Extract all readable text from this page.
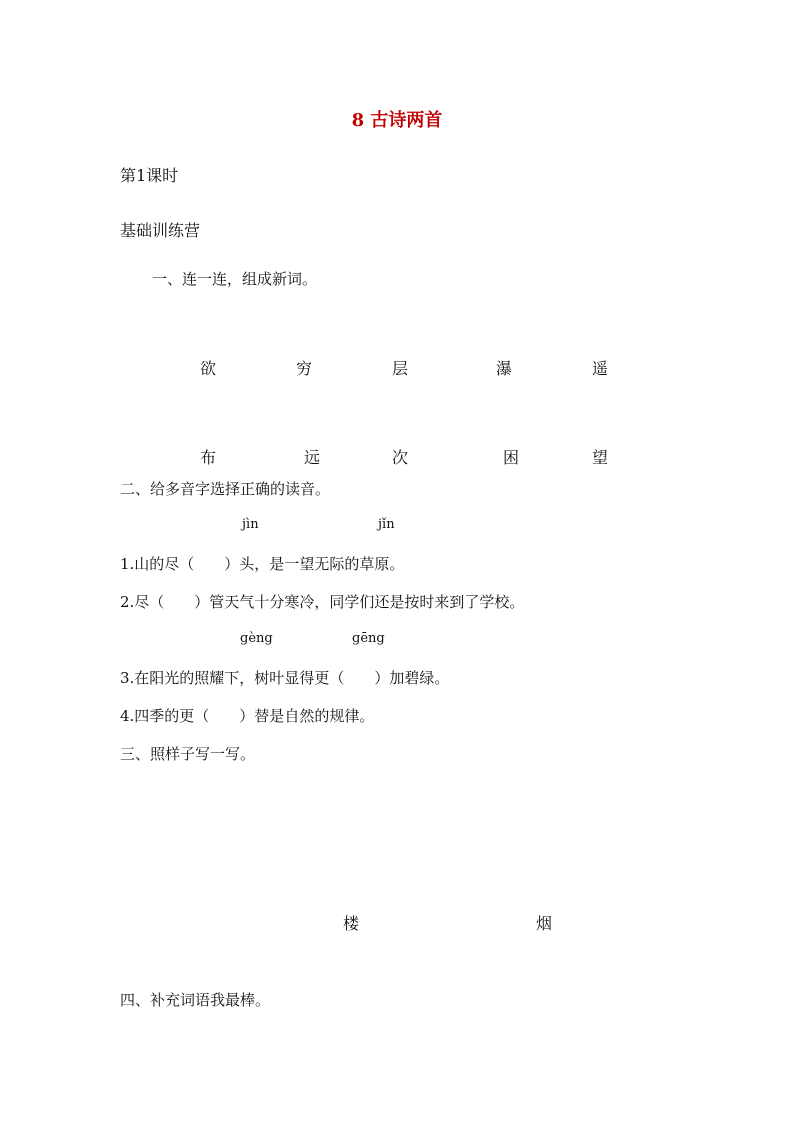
8 古诗两首
第1课时
基础训练营
一、连一连，组成新词。
欲	穷	层	瀑	遥
布	远	次	困	望
二、给多音字选择正确的读音。
jìn	jǐn
1.山的尽（　　）头，是一望无际的草原。
2.尽（　　）管天气十分寒冷，同学们还是按时来到了学校。
gèng	gēng
3.在阳光的照耀下，树叶显得更（　　）加碧绿。
4.四季的更（　　）替是自然的规律。
三、照样子写一写。
楼	烟
四、补充词语我最棒。
